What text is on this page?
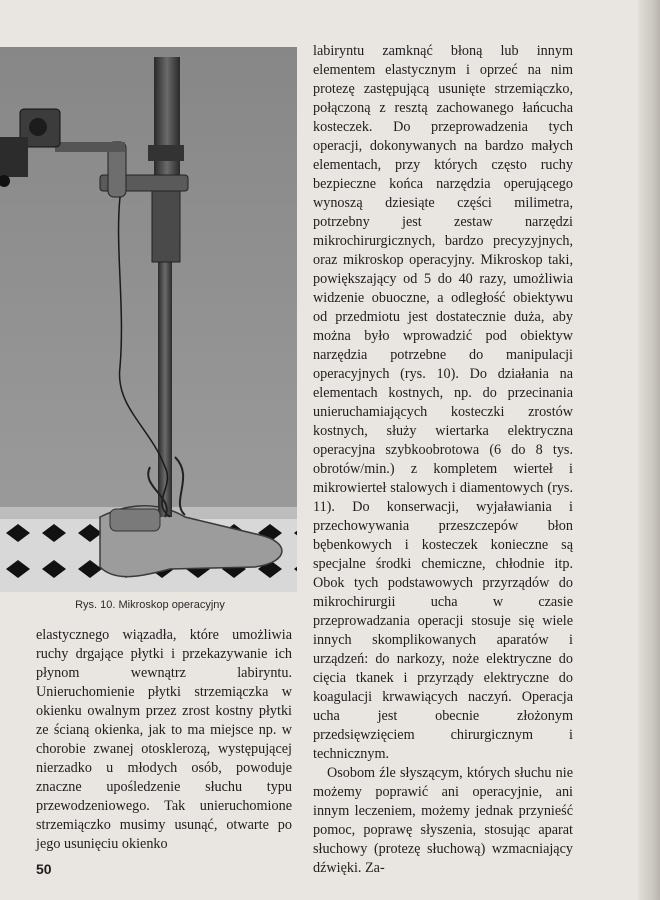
Rys. 10. Mikroskop operacyjny

elastycznego wiązadła, które umożliwia ruchy drgające płytki i przekazywanie ich płynom wewnątrz labiryntu. Unieruchomienie płytki strzemiączka w okienku owalnym przez zrost kostny płytki ze ścianą okienka, jak to ma miejsce np. w chorobie zwanej otosklerozą, występującej nierzadko u młodych osób, powoduje znaczne upośledzenie słuchu typu przewodzeniowego. Tak unieruchomione strzemiączko musimy usunąć, otwarte po jego usunięciu okienko

labiryntu zamknąć błoną lub innym elementem elastycznym i oprzeć na nim protezę zastępującą usunięte strzemiączko, połączoną z resztą zachowanego łańcucha kosteczek. Do przeprowadzenia tych operacji, dokonywanych na bardzo małych elementach, przy których często ruchy bezpieczne końca narzędzia operującego wynoszą dziesiąte części milimetra, potrzebny jest zestaw narzędzi mikrochirurgicznych, bardzo precyzyjnych, oraz mikroskop operacyjny. Mikroskop taki, powiększający od 5 do 40 razy, umożliwia widzenie obuoczne, a odległość obiektywu od przedmiotu jest dostatecznie duża, aby można było wprowadzić pod obiektyw narzędzia potrzebne do manipulacji operacyjnych (rys. 10). Do działania na elementach kostnych, np. do przecinania unieruchamiających kosteczki zrostów kostnych, służy wiertarka elektryczna operacyjna szybkoobrotowa (6 do 8 tys. obrotów/min.) z kompletem wierteł i mikrowierteł stalowych i diamentowych (rys. 11). Do konserwacji, wyjaławiania i przechowywania przeszczepów błon bębenkowych i kosteczek konieczne są specjalne środki chemiczne, chłodnie itp. Obok tych podstawowych przyrządów do mikrochirurgii ucha w czasie przeprowadzania operacji stosuje się wiele innych skomplikowanych aparatów i urządzeń: do narkozy, noże elektryczne do cięcia tkanek i przyrządy elektryczne do koagulacji krwawiących naczyń. Operacja ucha jest obecnie złożonym przedsięwzięciem chirurgicznym i technicznym.

Osobom źle słyszącym, których słuchu nie możemy poprawić ani operacyjnie, ani innym leczeniem, możemy jednak przynieść pomoc, poprawę słyszenia, stosując aparat słuchowy (protezę słuchową) wzmacniający dźwięki. Za-

50
